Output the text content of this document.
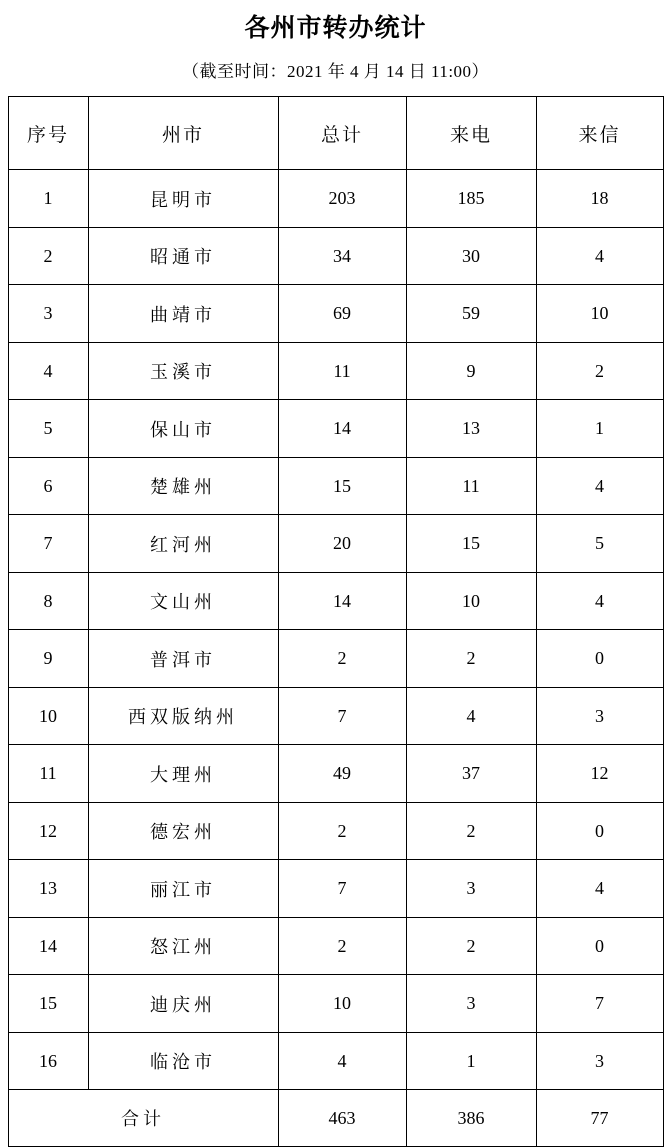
各州市转办统计
（截至时间：2021 年 4 月 14 日 11:00）
序号	州市	总计	来电	来信
1	昆明市	203	185	18
2	昭通市	34	30	4
3	曲靖市	69	59	10
4	玉溪市	11	9	2
5	保山市	14	13	1
6	楚雄州	15	11	4
7	红河州	20	15	5
8	文山州	14	10	4
9	普洱市	2	2	0
10	西双版纳州	7	4	3
11	大理州	49	37	12
12	德宏州	2	2	0
13	丽江市	7	3	4
14	怒江州	2	2	0
15	迪庆州	10	3	7
16	临沧市	4	1	3
合计		463	386	77
